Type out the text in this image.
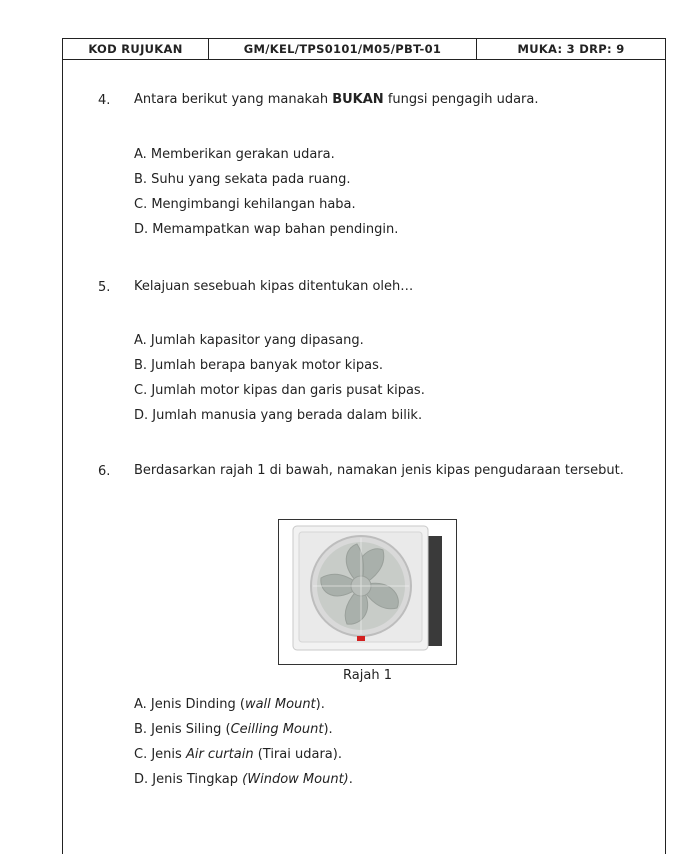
KOD RUJUKAN	GM/KEL/TPS0101/M05/PBT-01	MUKA: 3 DRP: 9
4. Antara berikut yang manakah BUKAN fungsi pengagih udara.
A. Memberikan gerakan udara.
B. Suhu yang sekata pada ruang.
C. Mengimbangi kehilangan haba.
D. Memampatkan wap bahan pendingin.
5. Kelajuan sesebuah kipas ditentukan oleh…
A. Jumlah kapasitor yang dipasang.
B. Jumlah berapa banyak motor kipas.
C. Jumlah motor kipas dan garis pusat kipas.
D. Jumlah manusia yang berada dalam bilik.
6. Berdasarkan rajah 1 di bawah, namakan jenis kipas pengudaraan tersebut.
Rajah 1
A. Jenis Dinding (wall Mount).
B. Jenis Siling (Ceilling Mount).
C. Jenis Air curtain (Tirai udara).
D. Jenis Tingkap (Window Mount).
